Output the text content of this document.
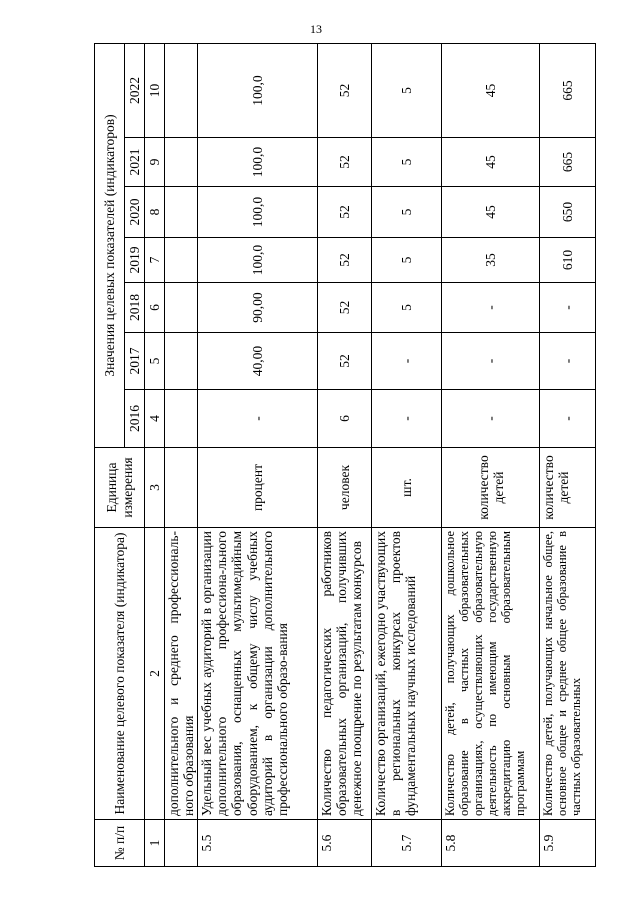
13
№ п/п	Наименование целевого показателя (индикатора)	Единица измерения	Значения целевых показателей (индикаторов)						
			2016	2017	2018	2019	2020	2021	2022
1	2	3	4	5	6	7	8	9	10
	дополнительного и среднего профессиональ-ного образования								
5.5	Удельный вес учебных аудиторий в организации дополнительного профессиона-льного образования, оснащенных мультимедийным оборудованием, к общему числу учебных аудиторий в организации дополнительного профессионального образо-вания	процент	-	40,00	90,00	100,0	100,0	100,0	100,0
5.6	Количество педагогических работников образовательных организаций, получивших денежное поощрение по результатам конкурсов	человек	6	52	52	52	52	52	52
5.7	Количество организаций, ежегодно участвующих в региональных конкурсах проектов фундаментальных научных исследований	шт.	-	-	5	5	5	5	5
5.8	Количество детей, получающих дошкольное образование в частных образовательных организациях, осуществляющих образовательную деятельность по имеющим государственную аккредитацию основным образовательным программам	количество детей	-	-	-	35	45	45	45
5.9	Количество детей, получающих начальное общее, основное общее и среднее общее образование в частных образовательных	количество детей	-	-	-	610	650	665	665
